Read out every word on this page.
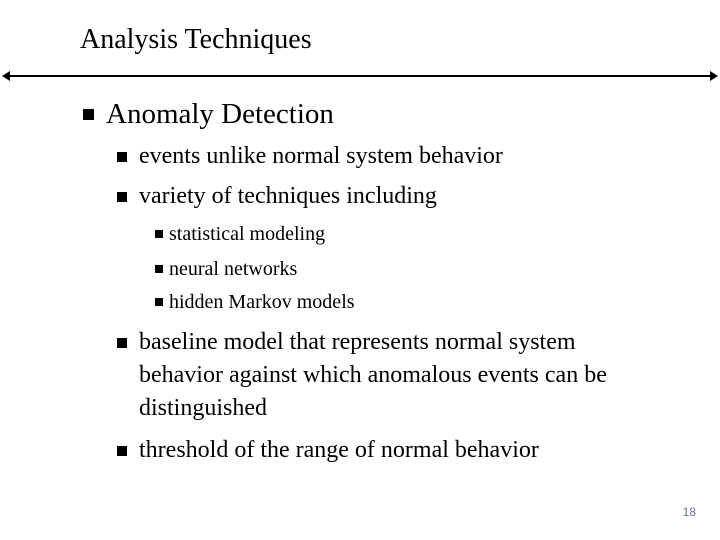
Analysis Techniques
Anomaly Detection
events unlike normal system behavior
variety of techniques including
statistical modeling
neural networks
hidden Markov models
baseline model that represents normal system
behavior against which anomalous events can be
distinguished
threshold of the range of normal behavior
18
